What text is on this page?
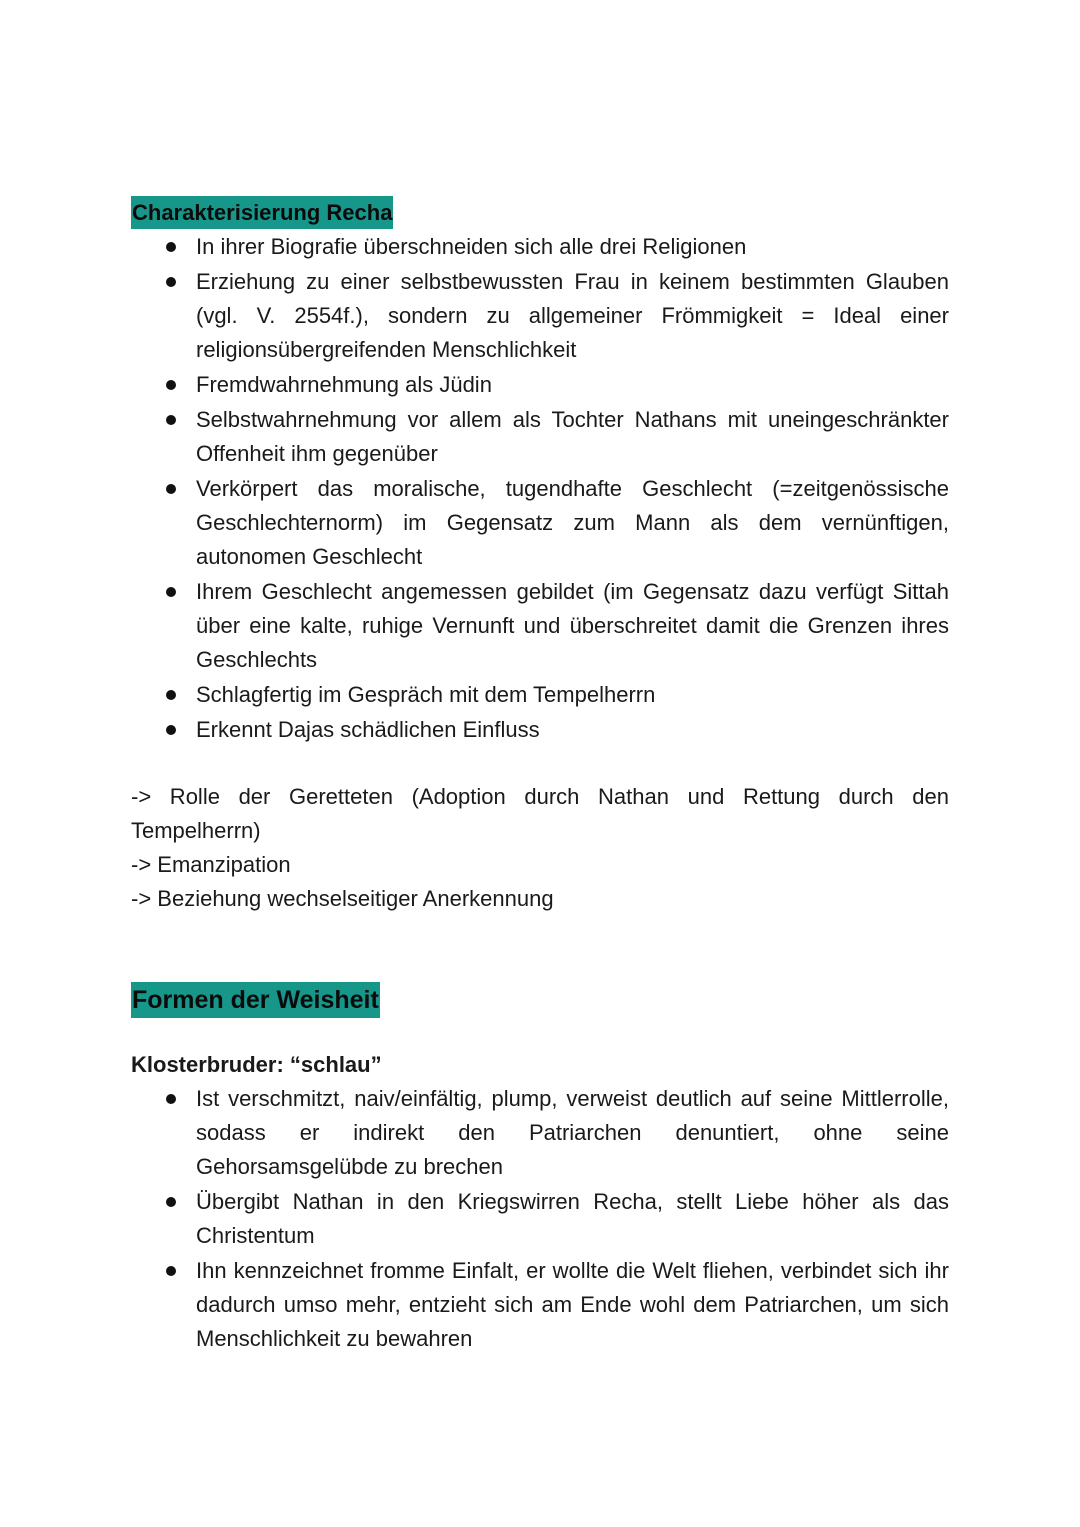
Charakterisierung Recha
In ihrer Biografie überschneiden sich alle drei Religionen
Erziehung zu einer selbstbewussten Frau in keinem bestimmten Glauben (vgl. V. 2554f.), sondern zu allgemeiner Frömmigkeit = Ideal einer religionsübergreifenden Menschlichkeit
Fremdwahrnehmung als Jüdin
Selbstwahrnehmung vor allem als Tochter Nathans mit uneingeschränkter Offenheit ihm gegenüber
Verkörpert das moralische, tugendhafte Geschlecht (=zeitgenössische Geschlechternorm) im Gegensatz zum Mann als dem vernünftigen, autonomen Geschlecht
Ihrem Geschlecht angemessen gebildet (im Gegensatz dazu verfügt Sittah über eine kalte, ruhige Vernunft und überschreitet damit die Grenzen ihres Geschlechts
Schlagfertig im Gespräch mit dem Tempelherrn
Erkennt Dajas schädlichen Einfluss

-> Rolle der Geretteten (Adoption durch Nathan und Rettung durch den Tempelherrn)

-> Emanzipation

-> Beziehung wechselseitiger Anerkennung

Formen der Weisheit

Klosterbruder: “schlau”

Ist verschmitzt, naiv/einfältig, plump, verweist deutlich auf seine Mittlerrolle, sodass er indirekt den Patriarchen denuntiert, ohne seine Gehorsamsgelübde zu brechen
Übergibt Nathan in den Kriegswirren Recha, stellt Liebe höher als das Christentum
Ihn kennzeichnet fromme Einfalt, er wollte die Welt fliehen, verbindet sich ihr dadurch umso mehr, entzieht sich am Ende wohl dem Patriarchen, um sich Menschlichkeit zu bewahren
